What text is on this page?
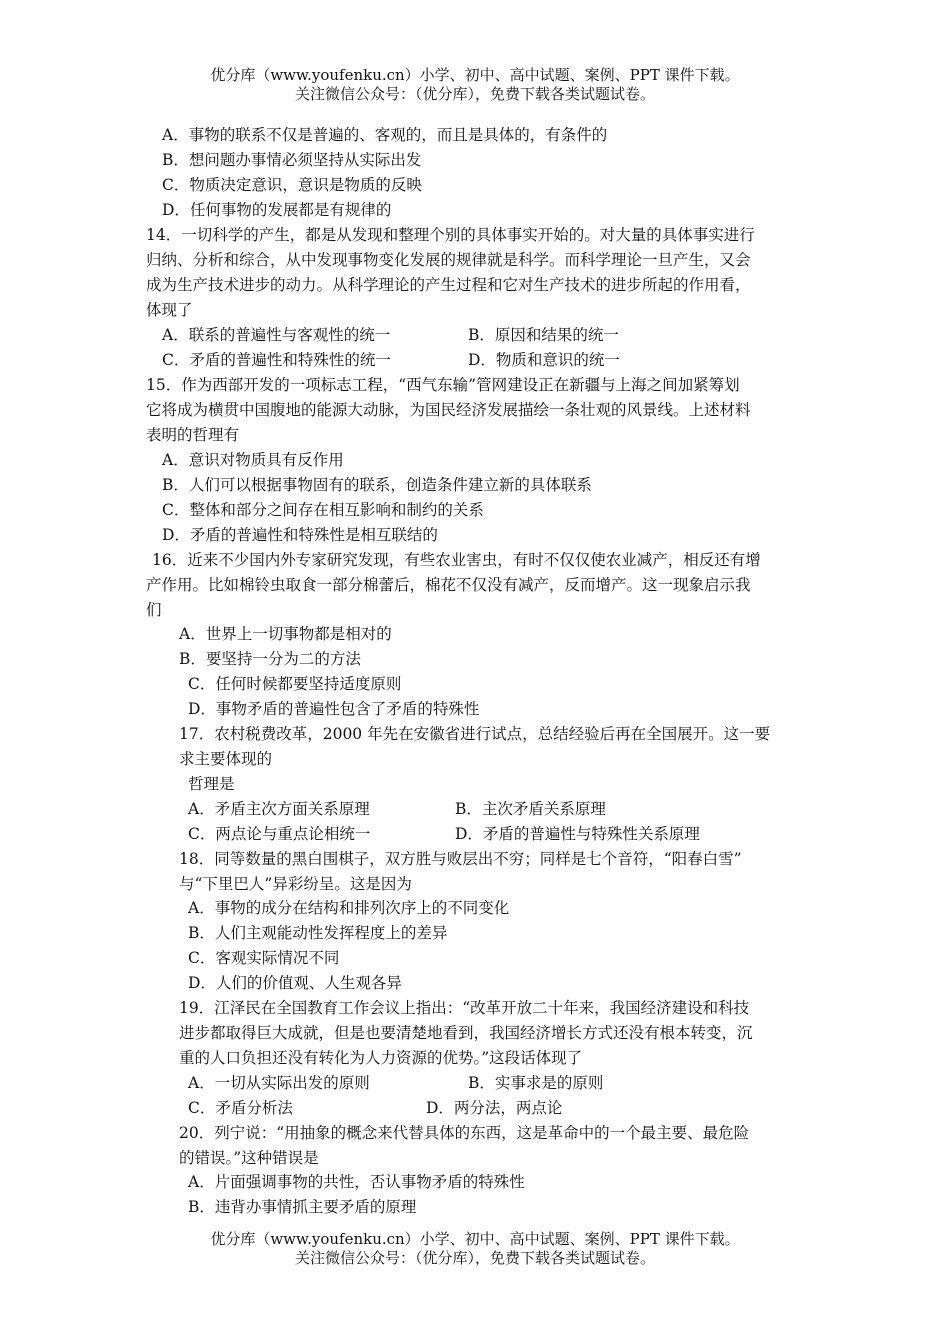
优分库（www.youfenku.cn）小学、初中、高中试题、案例、PPT 课件下载。
关注微信公众号：（优分库），免费下载各类试题试卷。
A．事物的联系不仅是普遍的、客观的，而且是具体的，有条件的
B．想问题办事情必须坚持从实际出发
C．物质决定意识，意识是物质的反映
D．任何事物的发展都是有规律的
14．一切科学的产生，都是从发现和整理个别的具体事实开始的。对大量的具体事实进行
归纳、分析和综合，从中发现事物变化发展的规律就是科学。而科学理论一旦产生，又会
成为生产技术进步的动力。从科学理论的产生过程和它对生产技术的进步所起的作用看，
体现了
A．联系的普遍性与客观性的统一	B．原因和结果的统一
C．矛盾的普遍性和特殊性的统一	D．物质和意识的统一
15．作为西部开发的一项标志工程，“西气东输”管网建设正在新疆与上海之间加紧筹划
它将成为横贯中国腹地的能源大动脉，为国民经济发展描绘一条壮观的风景线。上述材料
表明的哲理有
A．意识对物质具有反作用
B．人们可以根据事物固有的联系，创造条件建立新的具体联系
C．整体和部分之间存在相互影响和制约的关系
D．矛盾的普遍性和特殊性是相互联结的
16．近来不少国内外专家研究发现，有些农业害虫，有时不仅仅使农业减产，相反还有增
产作用。比如棉铃虫取食一部分棉蕾后，棉花不仅没有减产，反而增产。这一现象启示我
们
A．世界上一切事物都是相对的
B．要坚持一分为二的方法
C．任何时候都要坚持适度原则
D．事物矛盾的普遍性包含了矛盾的特殊性
17．农村税费改革，2000 年先在安徽省进行试点，总结经验后再在全国展开。这一要
求主要体现的
哲理是
A．矛盾主次方面关系原理	B．主次矛盾关系原理
C．两点论与重点论相统一	D．矛盾的普遍性与特殊性关系原理
18．同等数量的黑白围棋子，双方胜与败层出不穷；同样是七个音符，“阳春白雪”
与“下里巴人”异彩纷呈。这是因为
A．事物的成分在结构和排列次序上的不同变化
B．人们主观能动性发挥程度上的差异
C．客观实际情况不同
D．人们的价值观、人生观各异
19．江泽民在全国教育工作会议上指出：“改革开放二十年来，我国经济建设和科技
进步都取得巨大成就，但是也要清楚地看到，我国经济增长方式还没有根本转变，沉
重的人口负担还没有转化为人力资源的优势。”这段话体现了
A．一切从实际出发的原则	B．实事求是的原则
C．矛盾分析法	D．两分法，两点论
20．列宁说：“用抽象的概念来代替具体的东西，这是革命中的一个最主要、最危险
的错误。”这种错误是
A．片面强调事物的共性，否认事物矛盾的特殊性
B．违背办事情抓主要矛盾的原理
优分库（www.youfenku.cn）小学、初中、高中试题、案例、PPT 课件下载。
关注微信公众号：（优分库），免费下载各类试题试卷。
